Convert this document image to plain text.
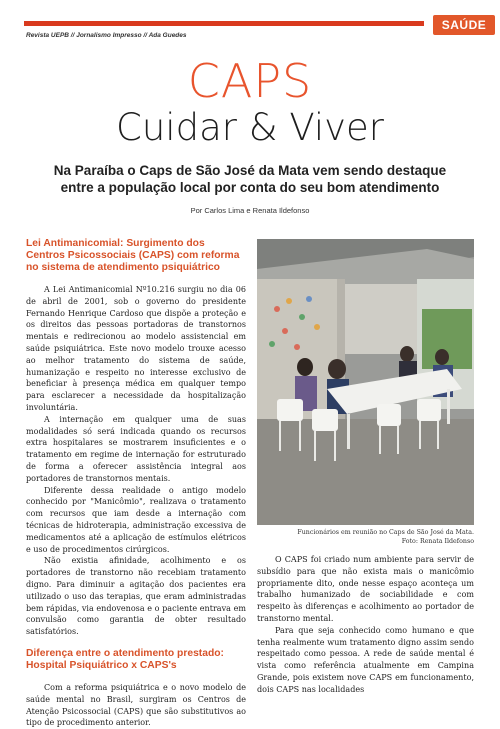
SAÚDE
Revista UEPB // Jornalismo Impresso // Ada Guedes
CAPS
Cuidar & Viver
Na Paraíba o Caps de São José da Mata vem sendo destaque entre a população local por conta do seu bom atendimento
Por Carlos Lima e Renata Ildefonso

Lei Antimanicomial: Surgimento dos Centros Psicossociais (CAPS) com reforma no sistema de atendimento psiquiátrico

A Lei Antimanicomial Nº10.216 surgiu no dia 06 de abril de 2001, sob o governo do presidente Fernando Henrique Cardoso que dispõe a proteção e os direitos das pessoas portadoras de transtornos mentais e redirecionou ao modelo assistencial em saúde psiquiátrica. Este novo modelo trouxe acesso ao melhor tratamento do sistema de saúde, humanização e respeito no interesse exclusivo de beneficiar à presença médica em qualquer tempo para esclarecer a necessidade da hospitalização involuntária.

A internação em qualquer uma de suas modalidades só será indicada quando os recursos extra hospitalares se mostrarem insuficientes e o tratamento em regime de internação for estruturado de forma a oferecer assistência integral aos portadores de transtornos mentais.

Diferente dessa realidade o antigo modelo conhecido por "Manicômio", realizava o tratamento com recursos que iam desde a internação com técnicas de hidroterapia, administração excessiva de medicamentos até a aplicação de estímulos elétricos e uso de procedimentos cirúrgicos.

Não existia afinidade, acolhimento e os portadores de transtorno não recebiam tratamento digno. Para diminuir a agitação dos pacientes era utilizado o uso das terapias, que eram administradas bem rápidas, via endovenosa e o paciente entrava em convulsão como garantia de obter resultado satisfatórios.

Diferença entre o atendimento prestado: Hospital Psiquiátrico x CAPS's

Com a reforma psiquiátrica e o novo modelo de saúde mental no Brasil, surgiram os Centros de Atenção Psicossocial (CAPS) que são substitutivos ao tipo de procedimento anterior.

Funcionários em reunião no Caps de São José da Mata.
Foto: Renata Ildefonso

O CAPS foi criado num ambiente para servir de subsídio para que não exista mais o manicômio propriamente dito, onde nesse espaço aconteça um trabalho humanizado de sociabilidade e com respeito às diferenças e acolhimento ao portador de transtorno mental.

Para que seja conhecido como humano e que tenha realmente wum tratamento digno assim sendo respeitado como pessoa. A rede de saúde mental é vista como referência atualmente em Campina Grande, pois existem nove CAPS em funcionamento, dois CAPS nas localidades
